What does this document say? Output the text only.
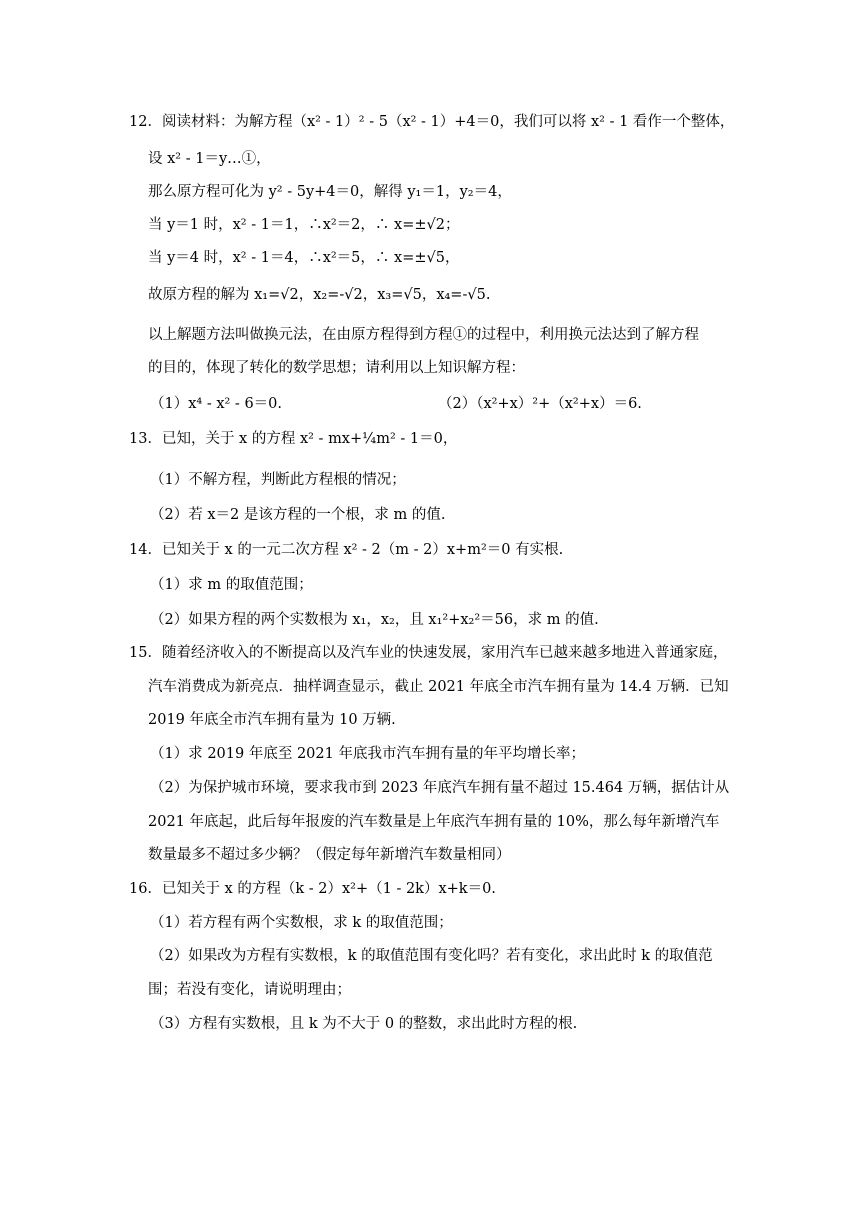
12．阅读材料：为解方程（x² - 1）² - 5（x² - 1）+4＝0，我们可以将 x² - 1 看作一个整体，
设 x² - 1＝y…①，
那么原方程可化为 y² - 5y+4＝0，解得 y₁＝1，y₂＝4，
当 y＝1 时，x² - 1＝1，∴x²＝2，∴ x=±√2；
当 y＝4 时，x² - 1＝4，∴x²＝5，∴ x=±√5，
故原方程的解为 x₁=√2，x₂=-√2，x₃=√5，x₄=-√5.
以上解题方法叫做换元法，在由原方程得到方程①的过程中，利用换元法达到了解方程
的目的，体现了转化的数学思想；请利用以上知识解方程：
（1）x⁴ - x² - 6＝0.	（2）（x²+x）²+（x²+x）＝6.
13．已知，关于 x 的方程 x² - mx+¼m² - 1＝0，
（1）不解方程，判断此方程根的情况；
（2）若 x＝2 是该方程的一个根，求 m 的值.
14．已知关于 x 的一元二次方程 x² - 2（m - 2）x+m²＝0 有实根.
（1）求 m 的取值范围；
（2）如果方程的两个实数根为 x₁，x₂，且 x₁²+x₂²＝56，求 m 的值.
15．随着经济收入的不断提高以及汽车业的快速发展，家用汽车已越来越多地进入普通家庭，
汽车消费成为新亮点．抽样调查显示，截止 2021 年底全市汽车拥有量为 14.4 万辆．已知
2019 年底全市汽车拥有量为 10 万辆.
（1）求 2019 年底至 2021 年底我市汽车拥有量的年平均增长率；
（2）为保护城市环境，要求我市到 2023 年底汽车拥有量不超过 15.464 万辆，据估计从
2021 年底起，此后每年报废的汽车数量是上年底汽车拥有量的 10%，那么每年新增汽车
数量最多不超过多少辆？（假定每年新增汽车数量相同）
16．已知关于 x 的方程（k - 2）x²+（1 - 2k）x+k＝0.
（1）若方程有两个实数根，求 k 的取值范围；
（2）如果改为方程有实数根，k 的取值范围有变化吗？若有变化，求出此时 k 的取值范
围；若没有变化，请说明理由；
（3）方程有实数根，且 k 为不大于 0 的整数，求出此时方程的根.
